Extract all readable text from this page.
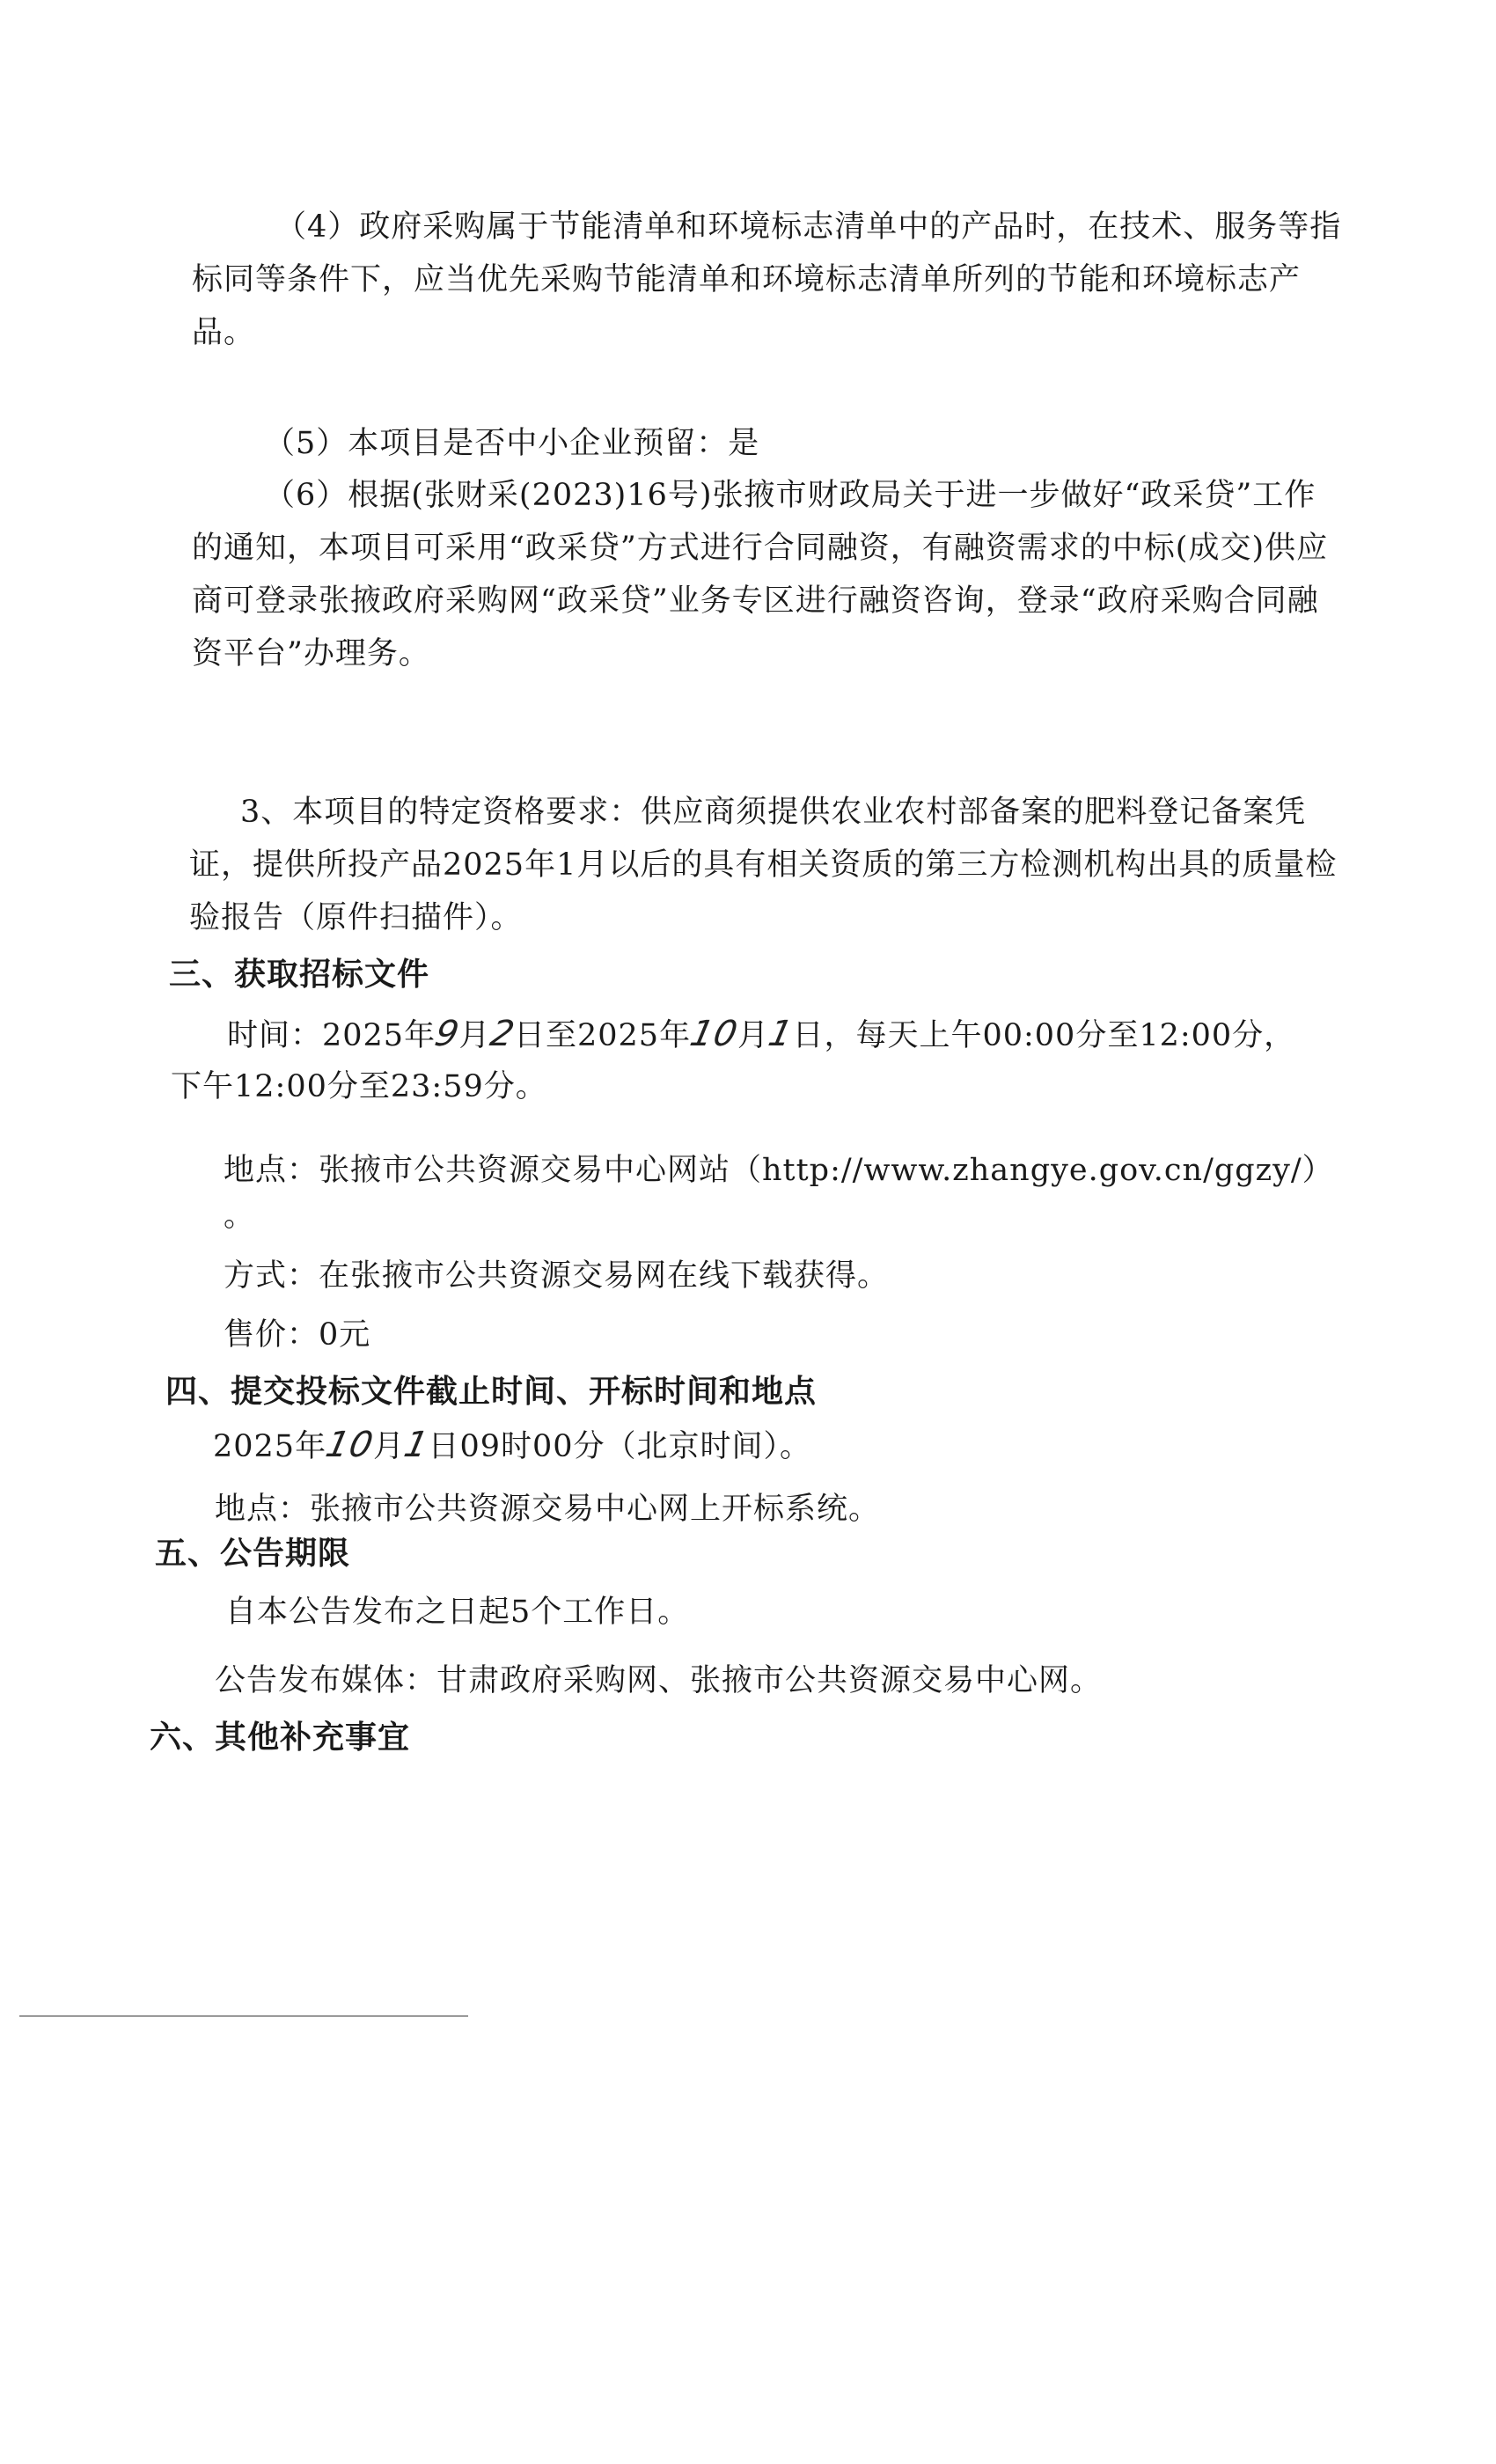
（4）政府采购属于节能清单和环境标志清单中的产品时，在技术、服务等指标同等条件下，应当优先采购节能清单和环境标志清单所列的节能和环境标志产品。

（5）本项目是否中小企业预留：是

（6）根据(张财采(2023)16号)张掖市财政局关于进一步做好“政采贷”工作的通知，本项目可采用“政采贷”方式进行合同融资，有融资需求的中标(成交)供应商可登录张掖政府采购网“政采贷”业务专区进行融资咨询，登录“政府采购合同融资平台”办理务。

3、本项目的特定资格要求：供应商须提供农业农村部备案的肥料登记备案凭证，提供所投产品2025年1月以后的具有相关资质的第三方检测机构出具的质量检验报告（原件扫描件）。

三、获取招标文件

时间：2025年9月2日至2025年10月1日，每天上午00:00分至12:00分，

下午12:00分至23:59分。

地点：张掖市公共资源交易中心网站（http://www.zhangye.gov.cn/ggzy/）

。

方式：在张掖市公共资源交易网在线下载获得。

售价：0元

四、提交投标文件截止时间、开标时间和地点

2025年10月1日09时00分（北京时间）。

地点：张掖市公共资源交易中心网上开标系统。

五、公告期限

自本公告发布之日起5个工作日。

公告发布媒体：甘肃政府采购网、张掖市公共资源交易中心网。

六、其他补充事宜
